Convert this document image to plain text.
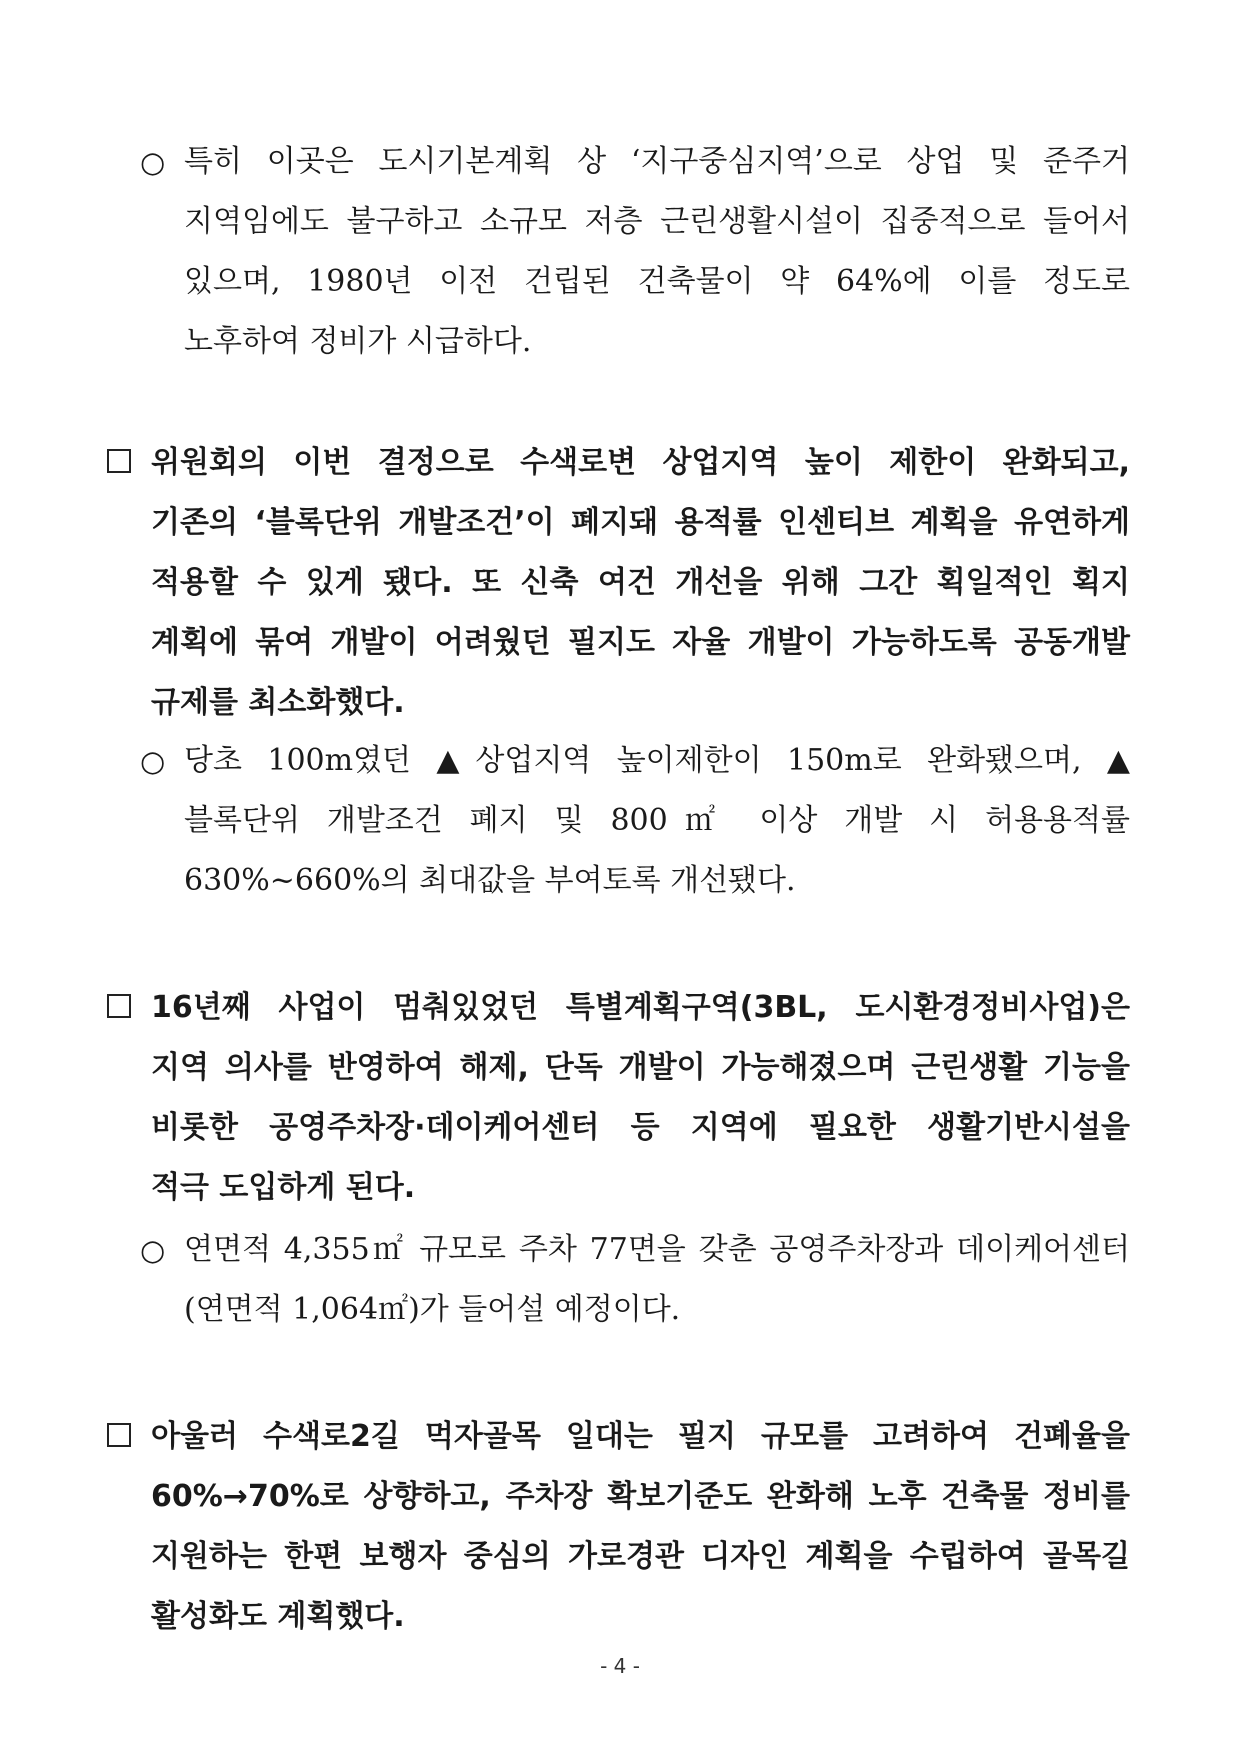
○ 특히 이곳은 도시기본계획 상 ‘지구중심지역’으로 상업 및 준주거
지역임에도 불구하고 소규모 저층 근린생활시설이 집중적으로 들어서
있으며, 1980년 이전 건립된 건축물이 약 64%에 이를 정도로
노후하여 정비가 시급하다.
위원회의 이번 결정으로 수색로변 상업지역 높이 제한이 완화되고,
기존의 ‘블록단위 개발조건’이 폐지돼 용적률 인센티브 계획을 유연하게
적용할 수 있게 됐다. 또 신축 여건 개선을 위해 그간 획일적인 획지
계획에 묶여 개발이 어려웠던 필지도 자율 개발이 가능하도록 공동개발
규제를 최소화했다.
○ 당초 100m였던 ▲상업지역 높이제한이 150m로 완화됐으며, ▲
블록단위 개발조건 폐지 및 800㎡ 이상 개발 시 허용용적률
630%~660%의 최대값을 부여토록 개선됐다.
16년째 사업이 멈춰있었던 특별계획구역(3BL, 도시환경정비사업)은
지역 의사를 반영하여 해제, 단독 개발이 가능해졌으며 근린생활 기능을
비롯한 공영주차장·데이케어센터 등 지역에 필요한 생활기반시설을
적극 도입하게 된다.
○ 연면적 4,355㎡ 규모로 주차 77면을 갖춘 공영주차장과 데이케어센터
(연면적 1,064㎡)가 들어설 예정이다.
아울러 수색로2길 먹자골목 일대는 필지 규모를 고려하여 건폐율을
60%→70%로 상향하고, 주차장 확보기준도 완화해 노후 건축물 정비를
지원하는 한편 보행자 중심의 가로경관 디자인 계획을 수립하여 골목길
활성화도 계획했다.
- 4 -
